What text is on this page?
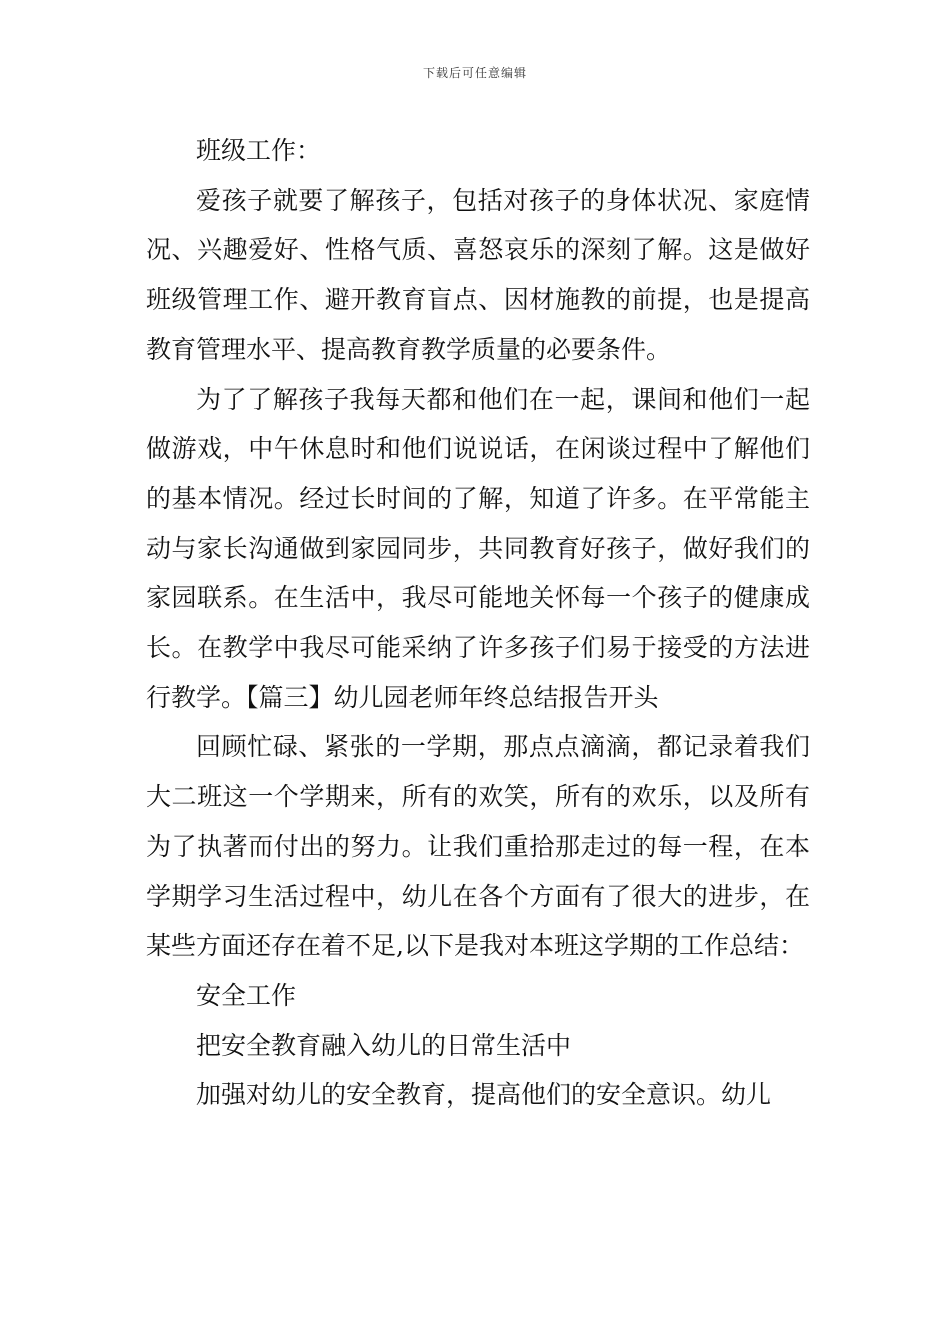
下载后可任意编辑

班级工作：

爱孩子就要了解孩子，包括对孩子的身体状况、家庭情况、兴趣爱好、性格气质、喜怒哀乐的深刻了解。这是做好班级管理工作、避开教育盲点、因材施教的前提，也是提高教育管理水平、提高教育教学质量的必要条件。

为了了解孩子我每天都和他们在一起，课间和他们一起做游戏，中午休息时和他们说说话，在闲谈过程中了解他们的基本情况。经过长时间的了解，知道了许多。在平常能主动与家长沟通做到家园同步，共同教育好孩子，做好我们的家园联系。在生活中，我尽可能地关怀每一个孩子的健康成长。在教学中我尽可能采纳了许多孩子们易于接受的方法进行教学。【篇三】幼儿园老师年终总结报告开头

回顾忙碌、紧张的一学期，那点点滴滴，都记录着我们大二班这一个学期来，所有的欢笑，所有的欢乐，以及所有为了执著而付出的努力。让我们重拾那走过的每一程，在本学期学习生活过程中，幼儿在各个方面有了很大的进步，在某些方面还存在着不足,以下是我对本班这学期的工作总结：

安全工作

把安全教育融入幼儿的日常生活中

加强对幼儿的安全教育，提高他们的安全意识。幼儿
